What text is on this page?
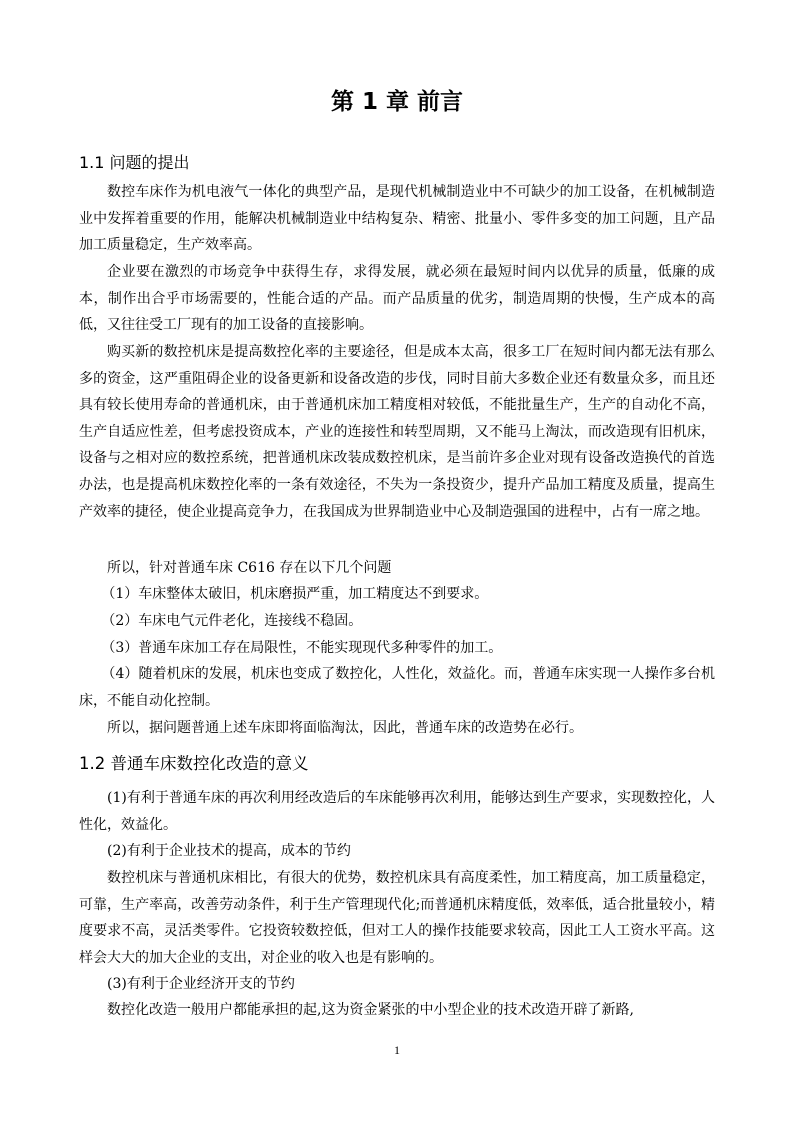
第 1 章 前言
1.1 问题的提出

数控车床作为机电液气一体化的典型产品，是现代机械制造业中不可缺少的加工设备，在机械制造业中发挥着重要的作用，能解决机械制造业中结构复杂、精密、批量小、零件多变的加工问题，且产品加工质量稳定，生产效率高。

企业要在激烈的市场竞争中获得生存，求得发展，就必须在最短时间内以优异的质量，低廉的成本，制作出合乎市场需要的，性能合适的产品。而产品质量的优劣，制造周期的快慢，生产成本的高低，又往往受工厂现有的加工设备的直接影响。

购买新的数控机床是提高数控化率的主要途径，但是成本太高，很多工厂在短时间内都无法有那么多的资金，这严重阻碍企业的设备更新和设备改造的步伐，同时目前大多数企业还有数量众多，而且还具有较长使用寿命的普通机床，由于普通机床加工精度相对较低，不能批量生产，生产的自动化不高，生产自适应性差，但考虑投资成本，产业的连接性和转型周期，又不能马上淘汰，而改造现有旧机床，设备与之相对应的数控系统，把普通机床改装成数控机床，是当前许多企业对现有设备改造换代的首选办法，也是提高机床数控化率的一条有效途径，不失为一条投资少，提升产品加工精度及质量，提高生产效率的捷径，使企业提高竞争力，在我国成为世界制造业中心及制造强国的进程中，占有一席之地。

所以，针对普通车床 C616 存在以下几个问题

（1）车床整体太破旧，机床磨损严重，加工精度达不到要求。

（2）车床电气元件老化，连接线不稳固。

（3）普通车床加工存在局限性，不能实现现代多种零件的加工。

（4）随着机床的发展，机床也变成了数控化，人性化，效益化。而，普通车床实现一人操作多台机床，不能自动化控制。

所以，据问题普通上述车床即将面临淘汰，因此，普通车床的改造势在必行。

1.2 普通车床数控化改造的意义

(1)有利于普通车床的再次利用经改造后的车床能够再次利用，能够达到生产要求，实现数控化，人性化，效益化。

(2)有利于企业技术的提高，成本的节约

数控机床与普通机床相比，有很大的优势，数控机床具有高度柔性，加工精度高，加工质量稳定，可靠，生产率高，改善劳动条件，利于生产管理现代化;而普通机床精度低，效率低，适合批量较小，精度要求不高，灵活类零件。它投资较数控低，但对工人的操作技能要求较高，因此工人工资水平高。这样会大大的加大企业的支出，对企业的收入也是有影响的。

(3)有利于企业经济开支的节约

数控化改造一般用户都能承担的起,这为资金紧张的中小型企业的技术改造开辟了新路,

1
